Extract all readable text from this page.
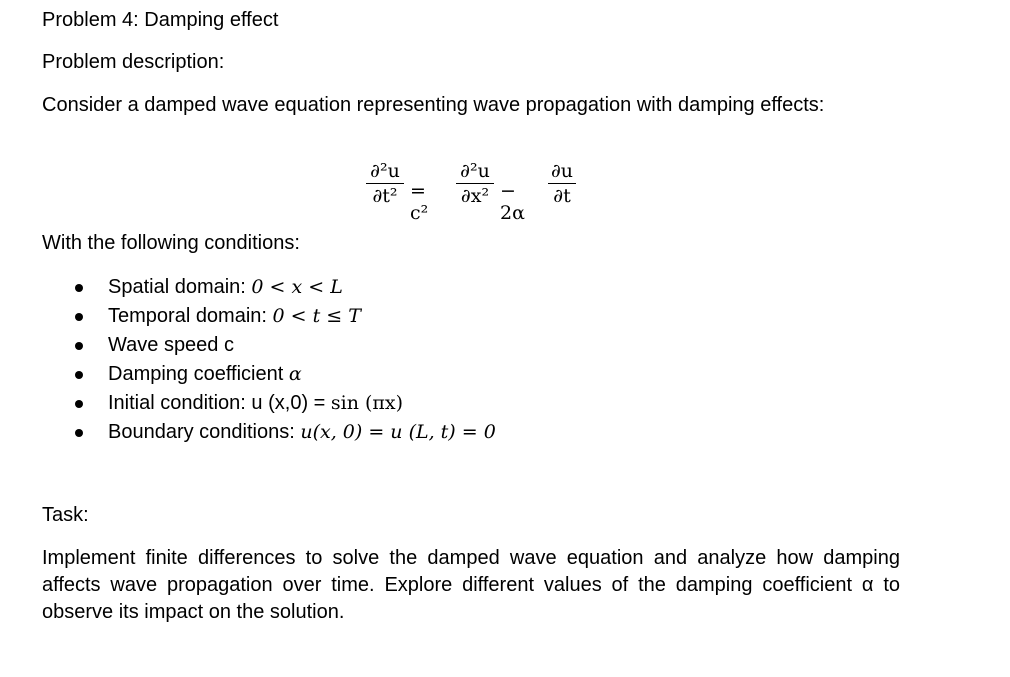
Problem 4: Damping effect
Problem description:
Consider a damped wave equation representing wave propagation with damping effects:
∂²u
∂t² = c²
∂²u
∂x² − 2α
∂u
∂t
With the following conditions:
Spatial domain: 0 < x < L
Temporal domain: 0 < t ≤ T
Wave speed c
Damping coefficient α
Initial condition: u (x,0) = sin (πx)
Boundary conditions: u(x, 0) = u (L, t) = 0
Task:
Implement finite differences to solve the damped wave equation and analyze how damping affects wave propagation over time. Explore different values of the damping coefficient α to observe its impact on the solution.
